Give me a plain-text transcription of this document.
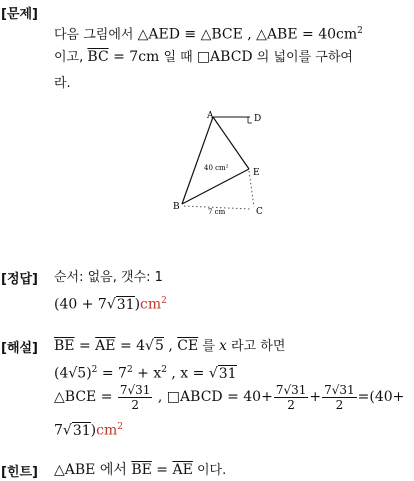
[문제]
다음 그림에서 △AED ≡ △BCE , △ABE = $40cm^2$
이고, $\overline{BC} = 7cm$ 일 때 □ABCD 의 넓이를 구하여
라.
A	D
E
B	C
40 cm²
7 cm
[정답] 순서: 없음, 갯수: 1
$(40 + 7√31)cm^2$
[해설] $\overline{BE} = \overline{AE} = 4√5$ , $\overline{CE}$ 를 x 라고 하면
$(4√5)^2 = 7^2 + x^2$ , x = √31
△BCE = $\frac{7√31}{2}$ , □ABCD = $40+ \frac{7√31}{2} + \frac{7√31}{2} =(40+$
$7√31)cm^2$
[힌트] △ABE 에서 $\overline{BE} = \overline{AE}$ 이다.
